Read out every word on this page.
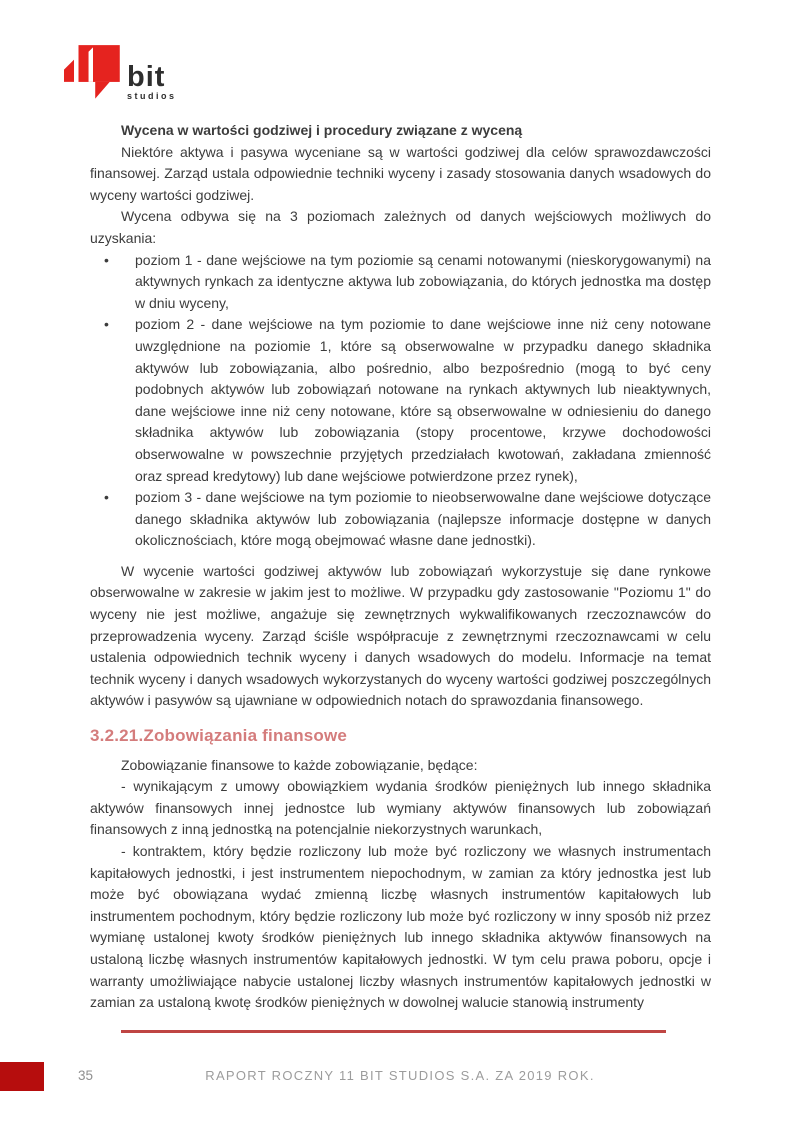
bit
studios
Wycena w wartości godziwej i procedury związane z wyceną

Niektóre aktywa i pasywa wyceniane są w wartości godziwej dla celów sprawozdawczości finansowej. Zarząd ustala odpowiednie techniki wyceny i zasady stosowania danych wsadowych do wyceny wartości godziwej.

Wycena odbywa się na 3 poziomach zależnych od danych wejściowych możliwych do uzyskania:

• poziom 1 - dane wejściowe na tym poziomie są cenami notowanymi (nieskorygowanymi) na aktywnych rynkach za identyczne aktywa lub zobowiązania, do których jednostka ma dostęp w dniu wyceny,
• poziom 2 - dane wejściowe na tym poziomie to dane wejściowe inne niż ceny notowane uwzględnione na poziomie 1, które są obserwowalne w przypadku danego składnika aktywów lub zobowiązania, albo pośrednio, albo bezpośrednio (mogą to być ceny podobnych aktywów lub zobowiązań notowane na rynkach aktywnych lub nieaktywnych, dane wejściowe inne niż ceny notowane, które są obserwowalne w odniesieniu do danego składnika aktywów lub zobowiązania (stopy procentowe, krzywe dochodowości obserwowalne w powszechnie przyjętych przedziałach kwotowań, zakładana zmienność oraz spread kredytowy) lub dane wejściowe potwierdzone przez rynek),
• poziom 3 - dane wejściowe na tym poziomie to nieobserwowalne dane wejściowe dotyczące danego składnika aktywów lub zobowiązania (najlepsze informacje dostępne w danych okolicznościach, które mogą obejmować własne dane jednostki).

W wycenie wartości godziwej aktywów lub zobowiązań wykorzystuje się dane rynkowe obserwowalne w zakresie w jakim jest to możliwe. W przypadku gdy zastosowanie "Poziomu 1" do wyceny nie jest możliwe, angażuje się zewnętrznych wykwalifikowanych rzeczoznawców do przeprowadzenia wyceny. Zarząd ściśle współpracuje z zewnętrznymi rzeczoznawcami w celu ustalenia odpowiednich technik wyceny i danych wsadowych do modelu. Informacje na temat technik wyceny i danych wsadowych wykorzystanych do wyceny wartości godziwej poszczególnych aktywów i pasywów są ujawniane w odpowiednich notach do sprawozdania finansowego.

3.2.21.Zobowiązania finansowe

Zobowiązanie finansowe to każde zobowiązanie, będące:

- wynikającym z umowy obowiązkiem wydania środków pieniężnych lub innego składnika aktywów finansowych innej jednostce lub wymiany aktywów finansowych lub zobowiązań finansowych z inną jednostką na potencjalnie niekorzystnych warunkach,

- kontraktem, który będzie rozliczony lub może być rozliczony we własnych instrumentach kapitałowych jednostki, i jest instrumentem niepochodnym, w zamian za który jednostka jest lub może być obowiązana wydać zmienną liczbę własnych instrumentów kapitałowych lub instrumentem pochodnym, który będzie rozliczony lub może być rozliczony w inny sposób niż przez wymianę ustalonej kwoty środków pieniężnych lub innego składnika aktywów finansowych na ustaloną liczbę własnych instrumentów kapitałowych jednostki. W tym celu prawa poboru, opcje i warranty umożliwiające nabycie ustalonej liczby własnych instrumentów kapitałowych jednostki w zamian za ustaloną kwotę środków pieniężnych w dowolnej walucie stanowią instrumenty

35	RAPORT ROCZNY 11 BIT STUDIOS S.A. ZA 2019 ROK.
